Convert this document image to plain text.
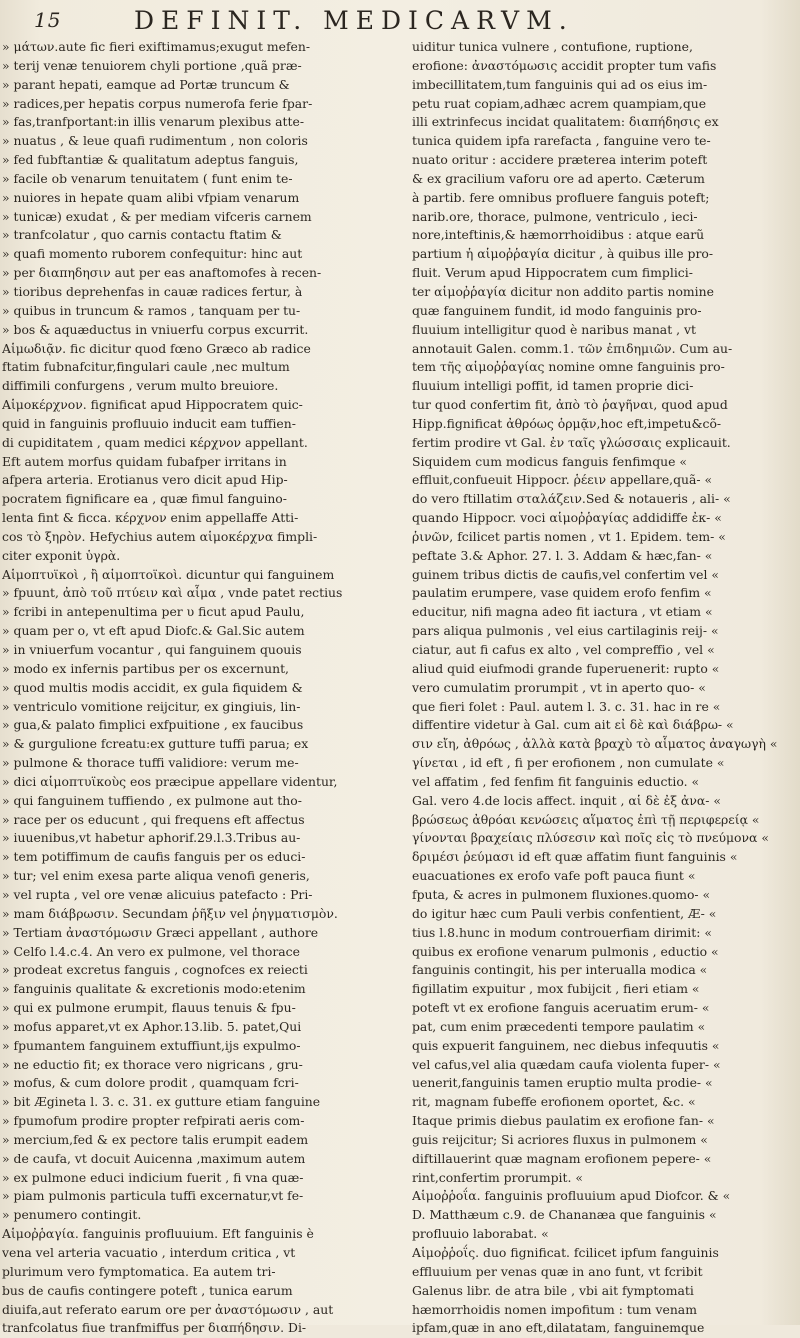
15	DEFINIT. MEDICARVM.
» μάτων.aute fic fieri exiftimamus;exugut mefen-
» terij venæ tenuiorem chyli portione ,quã præ-
» parant hepati, eamque ad Portæ truncum &
» radices,per hepatis corpus numerofa ferie fpar-
» fas,tranfportant:in illis venarum plexibus atte-
» nuatus , & leue quafi rudimentum , non coloris
» fed fubftantiæ & qualitatum adeptus fanguis,
» facile ob venarum tenuitatem ( funt enim te-
» nuiores in hepate quam alibi vfpiam venarum
» tunicæ) exudat , & per mediam vifceris carnem
» tranfcolatur , quo carnis contactu ftatim &
» quafi momento ruborem confequitur: hinc aut
» per διαπηδησιν aut per eas anaftomofes à recen-
» tioribus deprehenfas in cauæ radices fertur, à
» quibus in truncum & ramos , tanquam per tu-
» bos & aquæductus in vniuerfu corpus excurrit.
Αἱμωδιᾷν. fic dicitur quod fœno Græco ab radice
ftatim fubnafcitur,fingulari caule ,nec multum
diffimili confurgens , verum multo breuiore.
Αἱμοκέρχνον. fignificat apud Hippocratem quic-
quid in fanguinis profluuio inducit eam tuffien-
di cupiditatem , quam medici κέρχνον appellant.
Eft autem morfus quidam fubafper irritans in
afpera arteria. Erotianus vero dicit apud Hip-
pocratem fignificare ea , quæ fimul fanguino-
lenta fint & ficca. κέρχνον enim appellaffe Atti-
cos τὸ ξηρὸν. Hefychius autem αἱμοκέρχνα fimpli-
citer exponit ὑγρὰ.
Αἱμοπτυϊκοὶ , ἢ αἱμοπτοϊκοὶ. dicuntur qui fanguinem
» fpuunt, ἀπὸ τοῦ πτύειν καὶ αἷμα , vnde patet rectius
» fcribi in antepenultima per υ ficut apud Paulu,
» quam per ο, vt eft apud Diofc.& Gal.Sic autem
» in vniuerfum vocantur , qui fanguinem quouis
» modo ex infernis partibus per os excernunt,
» quod multis modis accidit, ex gula fiquidem &
» ventriculo vomitione reijcitur, ex gingiuis, lin-
» gua,& palato fimplici exfpuitione , ex faucibus
» & gurgulione fcreatu:ex gutture tuffi parua; ex
» pulmone & thorace tuffi validiore: verum me-
» dici αἱμοπτυϊκοὺς eos præcipue appellare videntur,
» qui fanguinem tuffiendo , ex pulmone aut tho-
» race per os educunt , qui frequens eft affectus
» iuuenibus,vt habetur aphorif.29.l.3.Tribus au-
» tem potiffimum de caufis fanguis per os educi-
» tur; vel enim exesa parte aliqua venofi generis,
» vel rupta , vel ore venæ alicuius patefacto : Pri-
» mam διάβρωσιν. Secundam ῥῆξιν vel ῥηγματισμὸν.
» Tertiam ἀναστόμωσιν Græci appellant , authore
» Celfo l.4.c.4. An vero ex pulmone, vel thorace
» prodeat excretus fanguis , cognofces ex reiecti
» fanguinis qualitate & excretionis modo:etenim
» qui ex pulmone erumpit, flauus tenuis & fpu-
» mofus apparet,vt ex Aphor.13.lib. 5. patet,Qui
» fpumantem fanguinem extuffiunt,ijs expulmo-
» ne eductio fit; ex thorace vero nigricans , gru-
» mofus, & cum dolore prodit , quamquam fcri-
» bit Ægineta l. 3. c. 31. ex gutture etiam fanguine
» fpumofum prodire propter refpirati aeris com-
» mercium,fed & ex pectore talis erumpit eadem
» de caufa, vt docuit Auicenna ,maximum autem
» ex pulmone educi indicium fuerit , fi vna quæ-
» piam pulmonis particula tuffi excernatur,vt fe-
» penumero contingit.
Αἱμοῤῥαγία. fanguinis profluuium. Eft fanguinis è
vena vel arteria vacuatio , interdum critica , vt
plurimum vero fymptomatica. Ea autem tri-
bus de caufis contingere poteft , tunica earum
diuifa,aut referato earum ore per ἀναστόμωσιν , aut
tranfcolatus fiue tranfmiffus per διαπήδησιν. Di-
uiditur tunica vulnere , contufione, ruptione,
erofione: ἀναστόμωσις accidit propter tum vafis
imbecillitatem,tum fanguinis qui ad os eius im-
petu ruat copiam,adhæc acrem quampiam,que
illi extrinfecus incidat qualitatem: διαπήδησις ex
tunica quidem ipfa rarefacta , fanguine vero te-
nuato oritur : accidere præterea interim poteft
& ex gracilium vaforu ore ad aperto. Cæterum
à partib. fere omnibus profluere fanguis poteft;
narib.ore, thorace, pulmone, ventriculo , ieci-
nore,inteftinis,& hæmorrhoidibus : atque earũ
partium ἡ αἱμοῤῥαγία dicitur , à quibus ille pro-
fluit. Verum apud Hippocratem cum fimplici-
ter αἱμοῤῥαγία dicitur non addito partis nomine
quæ fanguinem fundit, id modo fanguinis pro-
fluuium intelligitur quod è naribus manat , vt
annotauit Galen. comm.1. τῶν ἐπιδημιῶν. Cum au-
tem τῆς αἱμοῤῥαγίας nomine omne fanguinis pro-
fluuium intelligi poffit, id tamen proprie dici-
tur quod confertim fit, ἀπὸ τὸ ῥαγῆναι, quod apud
Hipp.fignificat ἀθρόως ὁρμᾷν,hoc eft,impetu&cõ-
fertim prodire vt Gal. ἐν ταῖς γλώσσαις explicauit.
Siquidem cum modicus fanguis fenfimque «
effluit,confueuit Hippocr. ῥέειν appellare,quã- «
do vero ftillatim σταλάζειν.Sed & notaueris , ali- «
quando Hippocr. voci αἱμοῤῥαγίας addidiffe ἐκ- «
ῥινῶν, fcilicet partis nomen , vt 1. Epidem. tem- «
peftate 3.& Aphor. 27. l. 3. Addam & hæc,fan- «
guinem tribus dictis de caufis,vel confertim vel «
paulatim erumpere, vase quidem erofo fenfim «
educitur, nifi magna adeo fit iactura , vt etiam «
pars aliqua pulmonis , vel eius cartilaginis reij- «
ciatur, aut fi cafus ex alto , vel compreffio , vel «
aliud quid eiufmodi grande fuperuenerit: rupto «
vero cumulatim prorumpit , vt in aperto quo- «
que fieri folet : Paul. autem l. 3. c. 31. hac in re «
diffentire videtur à Gal. cum ait εἰ δὲ καὶ διάβρω- «
σιν εἴη, ἀθρόως , ἀλλὰ κατὰ βραχὺ τὸ αἷματος ἀναγωγὴ «
γίνεται , id eft , fi per erofionem , non cumulate «
vel affatim , fed fenfim fit fanguinis eductio. «
Gal. vero 4.de locis affect. inquit , αἱ δὲ ἐξ ἀνα- «
βρώσεως ἀθρόαι κενώσεις αἵματος ἐπὶ τῇ περιφερείᾳ «
γίνονται βραχείαις πλύσεσιν καὶ ποῖς εἰς τὸ πνεύμονα «
δριμέσι ῥεύμασι id eft quæ affatim fiunt fanguinis «
euacuationes ex erofo vafe poft pauca fiunt «
fputa, & acres in pulmonem fluxiones.quomo- «
do igitur hæc cum Pauli verbis confentient, Æ- «
tius l.8.hunc in modum controuerfiam dirimit: «
quibus ex erofione venarum pulmonis , eductio «
fanguinis contingit, his per interualla modica «
figillatim expuitur , mox fubijcit , fieri etiam «
poteft vt ex erofione fanguis aceruatim erum- «
pat, cum enim præcedenti tempore paulatim «
quis expuerit fanguinem, nec diebus infequutis «
vel cafus,vel alia quædam caufa violenta fuper- «
uenerit,fanguinis tamen eruptio multa prodie- «
rit, magnam fubeffe erofionem oportet, &c. «
Itaque primis diebus paulatim ex erofione fan- «
guis reijcitur; Si acriores fluxus in pulmonem «
diftillauerint quæ magnam erofionem pepere- «
rint,confertim prorumpit. «
Αἱμοῤῥοΐα. fanguinis profluuium apud Diofcor. & «
D. Matthæum c.9. de Chananæa que fanguinis «
profluuio laborabat. «
Αἱμοῤῥοΐς. duo fignificat. fcilicet ipfum fanguinis
effluuium per venas quæ in ano funt, vt fcribit
Galenus libr. de atra bile , vbi ait fymptomati
hæmorrhoidis nomen impofitum : tum venam
ipfam,quæ in ano eft,dilatatam, fanguinemque
